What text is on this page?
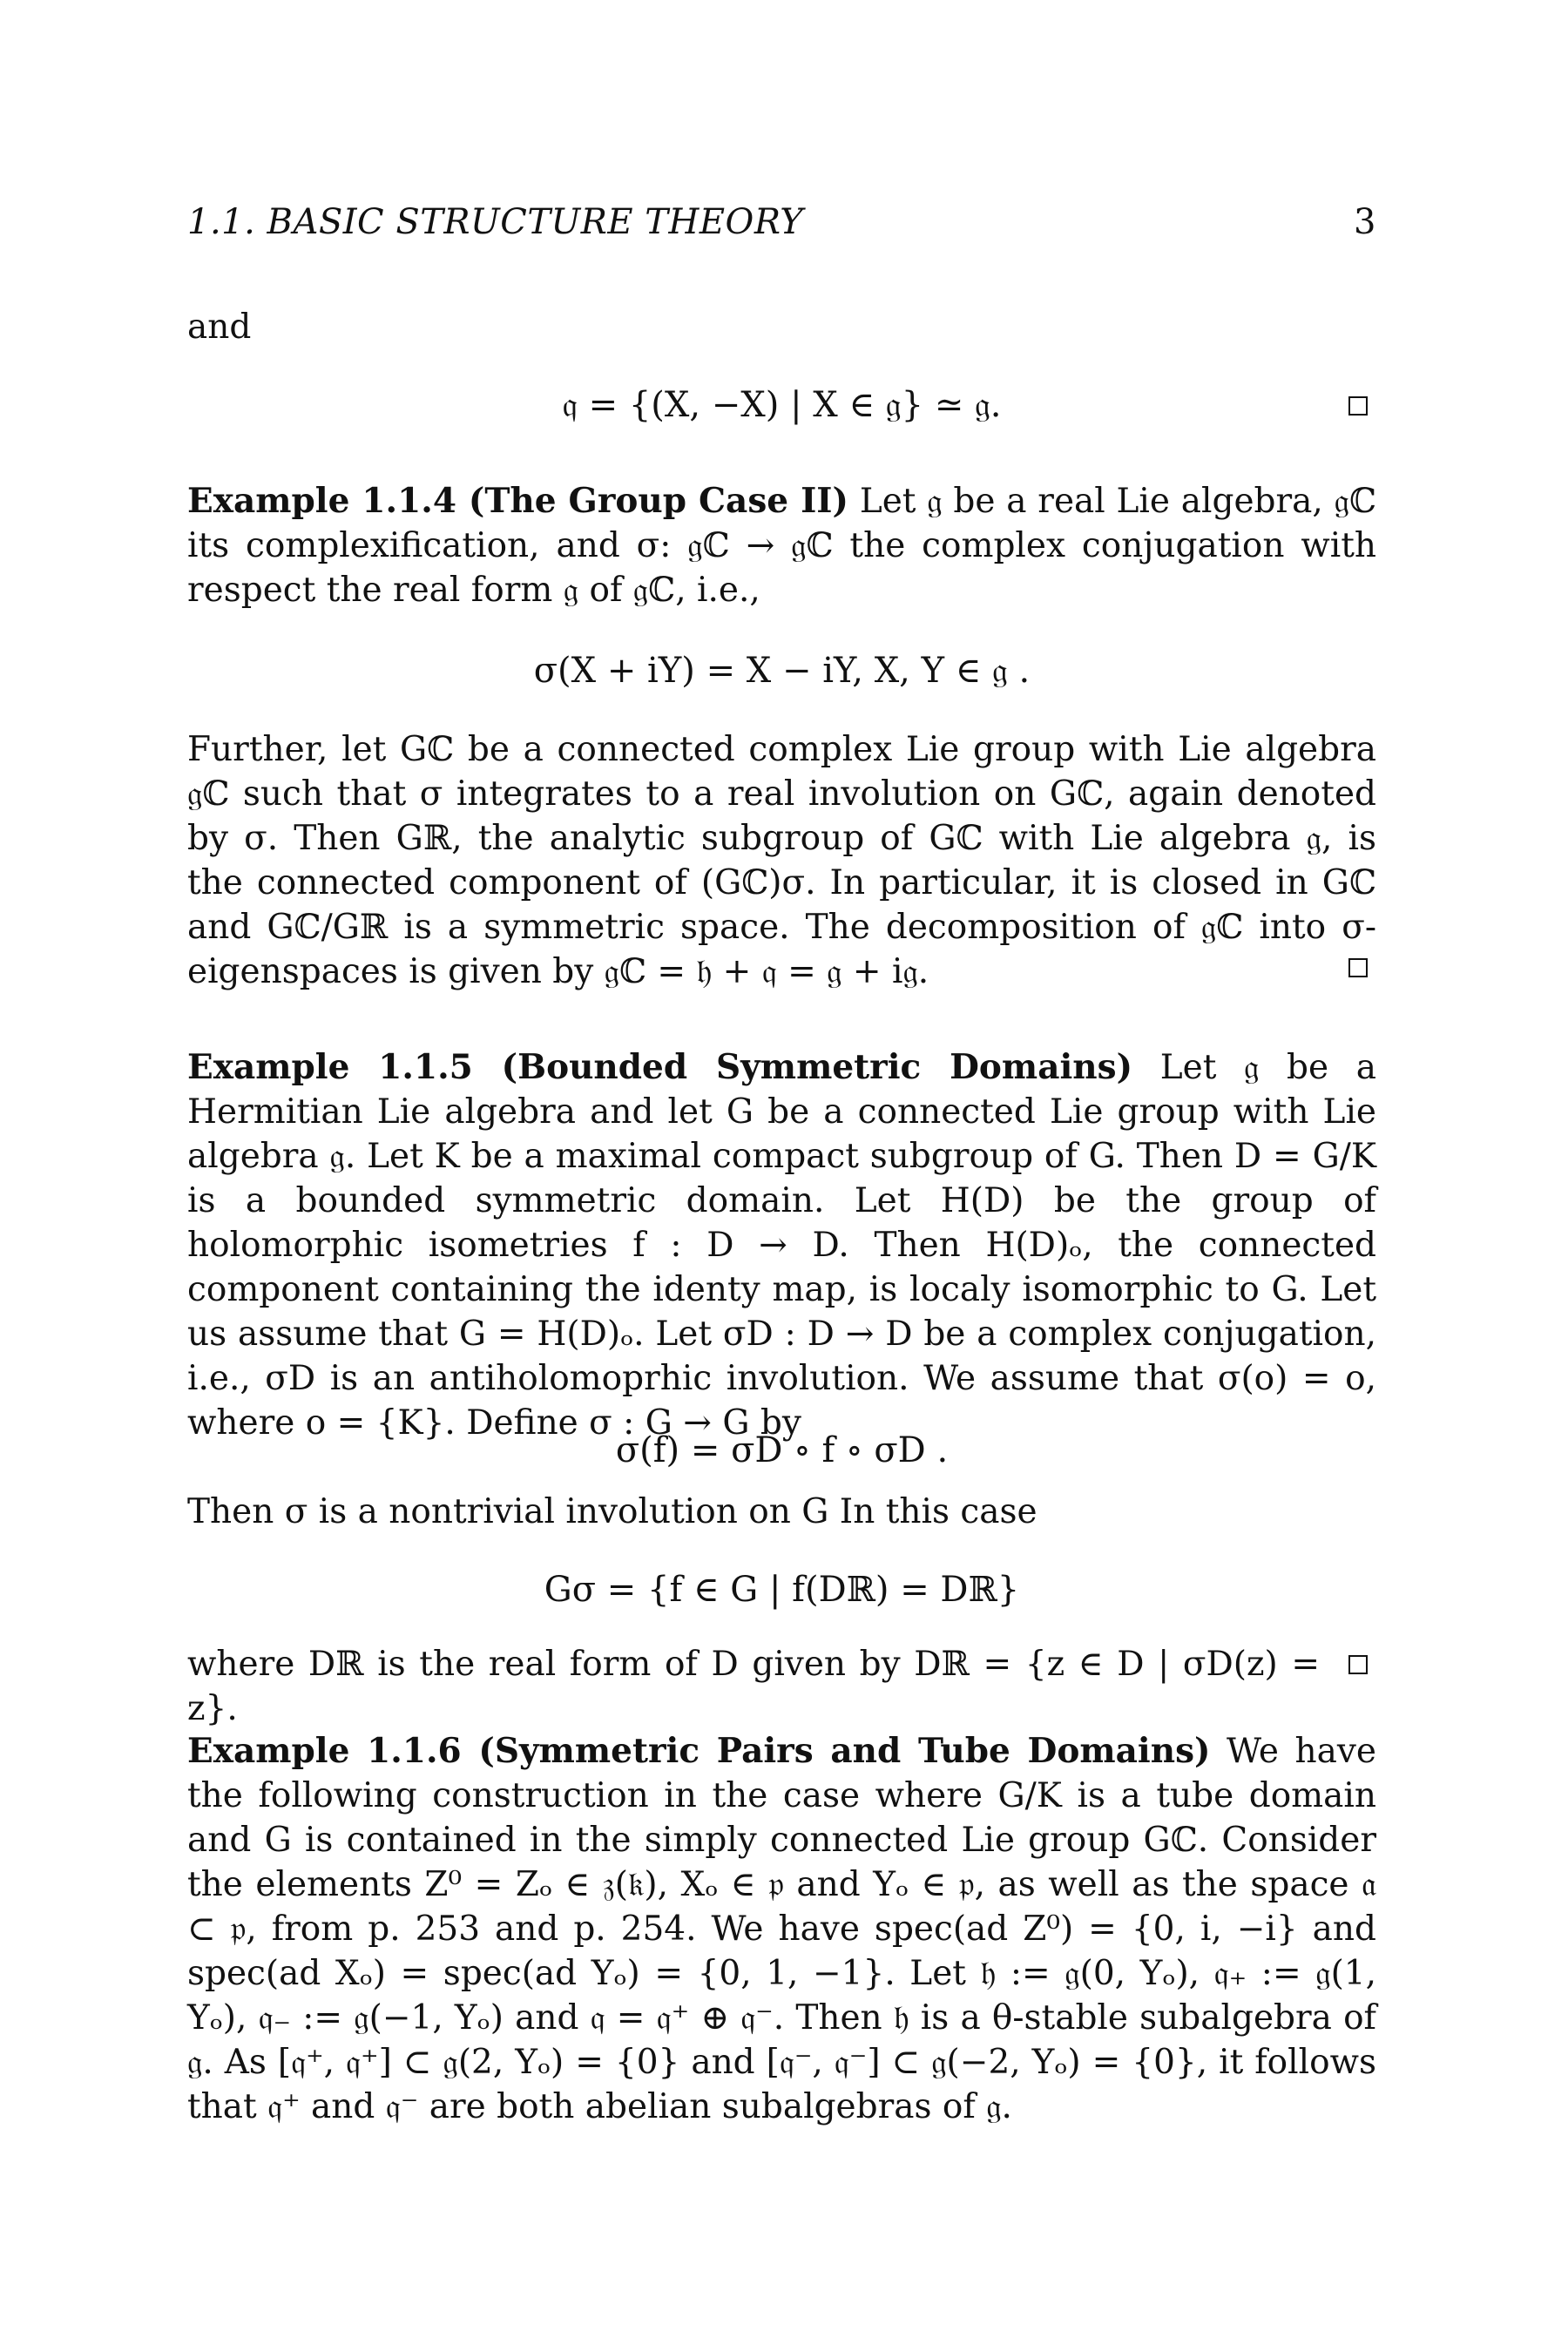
1.1. BASIC STRUCTURE THEORY	3
and
𝔮 = {(X, −X) | X ∈ 𝔤} ≃ 𝔤.
Example 1.1.4 (The Group Case II) Let 𝔤 be a real Lie algebra, 𝔤ℂ its complexification, and σ: 𝔤ℂ → 𝔤ℂ the complex conjugation with respect the real form 𝔤 of 𝔤ℂ, i.e.,
σ(X + iY) = X − iY, X, Y ∈ 𝔤 .
Further, let Gℂ be a connected complex Lie group with Lie algebra 𝔤ℂ such that σ integrates to a real involution on Gℂ, again denoted by σ. Then Gℝ, the analytic subgroup of Gℂ with Lie algebra 𝔤, is the connected component of (Gℂ)σ. In particular, it is closed in Gℂ and Gℂ/Gℝ is a symmetric space. The decomposition of 𝔤ℂ into σ-eigenspaces is given by 𝔤ℂ = 𝔥 + 𝔮 = 𝔤 + i𝔤.
Example 1.1.5 (Bounded Symmetric Domains) Let 𝔤 be a Hermitian Lie algebra and let G be a connected Lie group with Lie algebra 𝔤. Let K be a maximal compact subgroup of G. Then D = G/K is a bounded symmetric domain. Let H(D) be the group of holomorphic isometries f : D → D. Then H(D)ₒ, the connected component containing the identy map, is localy isomorphic to G. Let us assume that G = H(D)ₒ. Let σD : D → D be a complex conjugation, i.e., σD is an antiholomoprhic involution. We assume that σ(o) = o, where o = {K}. Define σ : G → G by
σ(f) = σD ∘ f ∘ σD .
Then σ is a nontrivial involution on G In this case
Gσ = {f ∈ G | f(Dℝ) = Dℝ}
where Dℝ is the real form of D given by Dℝ = {z ∈ D | σD(z) = z}.
Example 1.1.6 (Symmetric Pairs and Tube Domains) We have the following construction in the case where G/K is a tube domain and G is contained in the simply connected Lie group Gℂ. Consider the elements Z⁰ = Zₒ ∈ 𝔷(𝔨), Xₒ ∈ 𝔭 and Yₒ ∈ 𝔭, as well as the space 𝔞 ⊂ 𝔭, from p. 253 and p. 254. We have spec(ad Z⁰) = {0, i, −i} and spec(ad Xₒ) = spec(ad Yₒ) = {0, 1, −1}. Let 𝔥 := 𝔤(0, Yₒ), 𝔮₊ := 𝔤(1, Yₒ), 𝔮₋ := 𝔤(−1, Yₒ) and 𝔮 = 𝔮⁺ ⊕ 𝔮⁻. Then 𝔥 is a θ-stable subalgebra of 𝔤. As [𝔮⁺, 𝔮⁺] ⊂ 𝔤(2, Yₒ) = {0} and [𝔮⁻, 𝔮⁻] ⊂ 𝔤(−2, Yₒ) = {0}, it follows that 𝔮⁺ and 𝔮⁻ are both abelian subalgebras of 𝔤.
